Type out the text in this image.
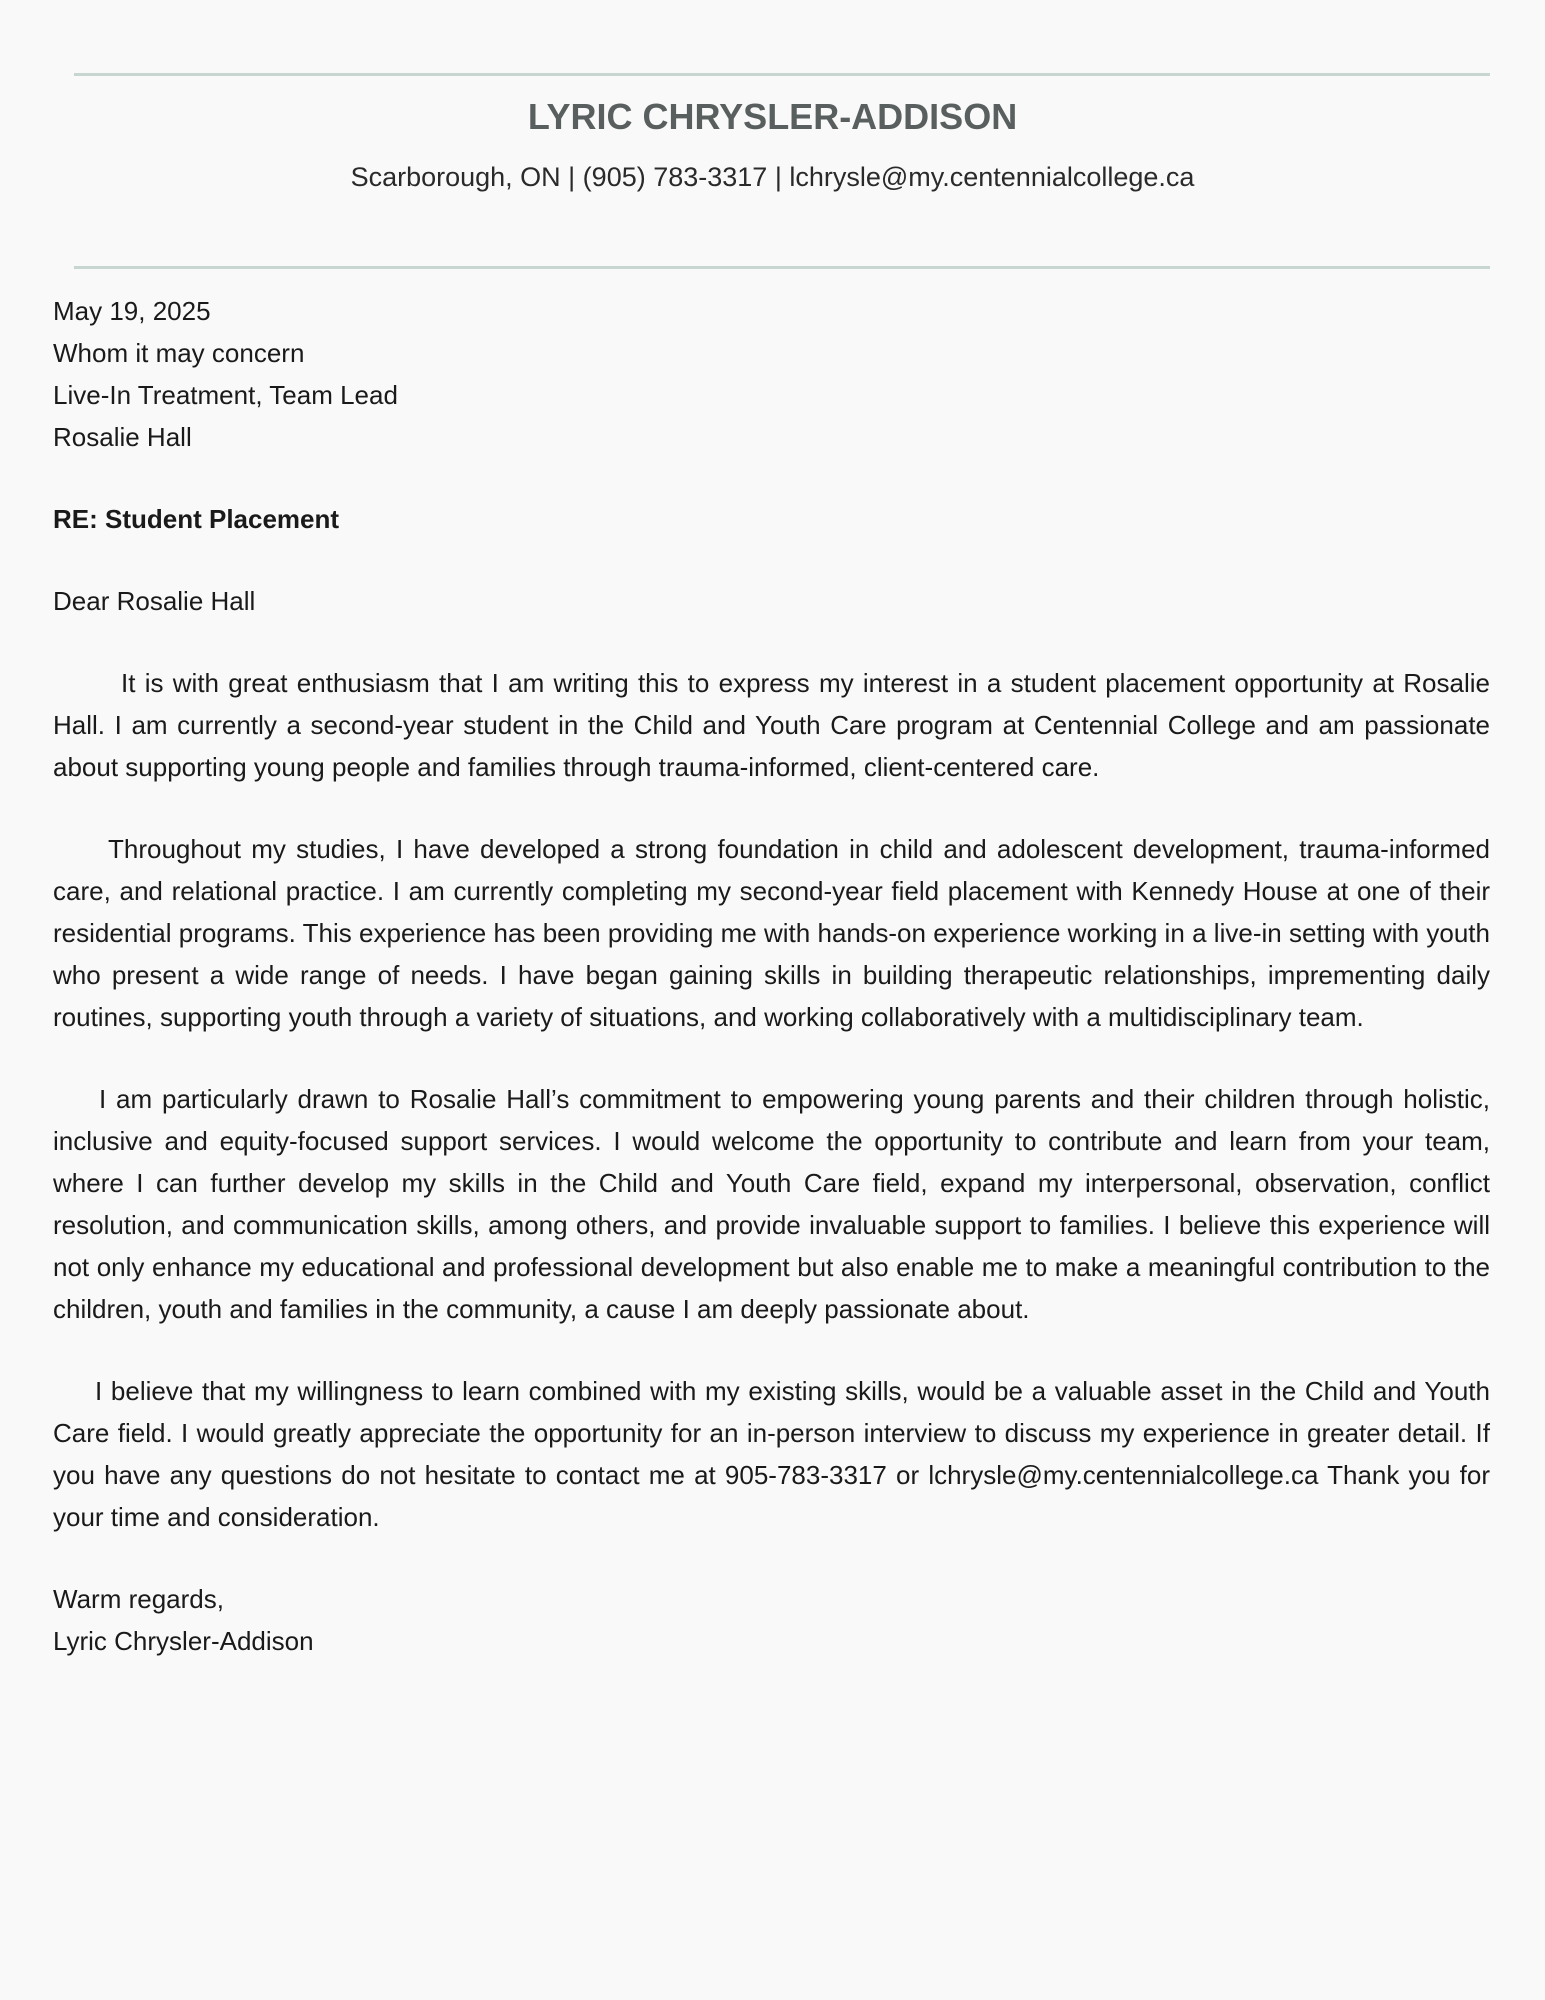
LYRIC CHRYSLER-ADDISON
Scarborough, ON | (905) 783-3317 | lchrysle@my.centennialcollege.ca

May 19, 2025

Whom it may concern

Live-In Treatment, Team Lead

Rosalie Hall

RE: Student Placement

Dear Rosalie Hall

It is with great enthusiasm that I am writing this to express my interest in a student placement opportunity at Rosalie Hall. I am currently a second-year student in the Child and Youth Care program at Centennial College and am passionate about supporting young people and families through trauma-informed, client-centered care.

Throughout my studies, I have developed a strong foundation in child and adolescent development, trauma-informed care, and relational practice. I am currently completing my second-year field placement with Kennedy House at one of their residential programs. This experience has been providing me with hands-on experience working in a live-in setting with youth who present a wide range of needs. I have began gaining skills in building therapeutic relationships, imprementing daily routines, supporting youth through a variety of situations, and working collaboratively with a multidisciplinary team.

I am particularly drawn to Rosalie Hall’s commitment to empowering young parents and their children through holistic, inclusive and equity-focused support services. I would welcome the opportunity to contribute and learn from your team, where I can further develop my skills in the Child and Youth Care field, expand my interpersonal, observation, conflict resolution, and communication skills, among others, and provide invaluable support to families. I believe this experience will not only enhance my educational and professional development but also enable me to make a meaningful contribution to the children, youth and families in the community, a cause I am deeply passionate about.

I believe that my willingness to learn combined with my existing skills, would be a valuable asset in the Child and Youth Care field. I would greatly appreciate the opportunity for an in-person interview to discuss my experience in greater detail. If you have any questions do not hesitate to contact me at 905-783-3317 or lchrysle@my.centennialcollege.ca Thank you for your time and consideration.

Warm regards,

Lyric Chrysler-Addison
